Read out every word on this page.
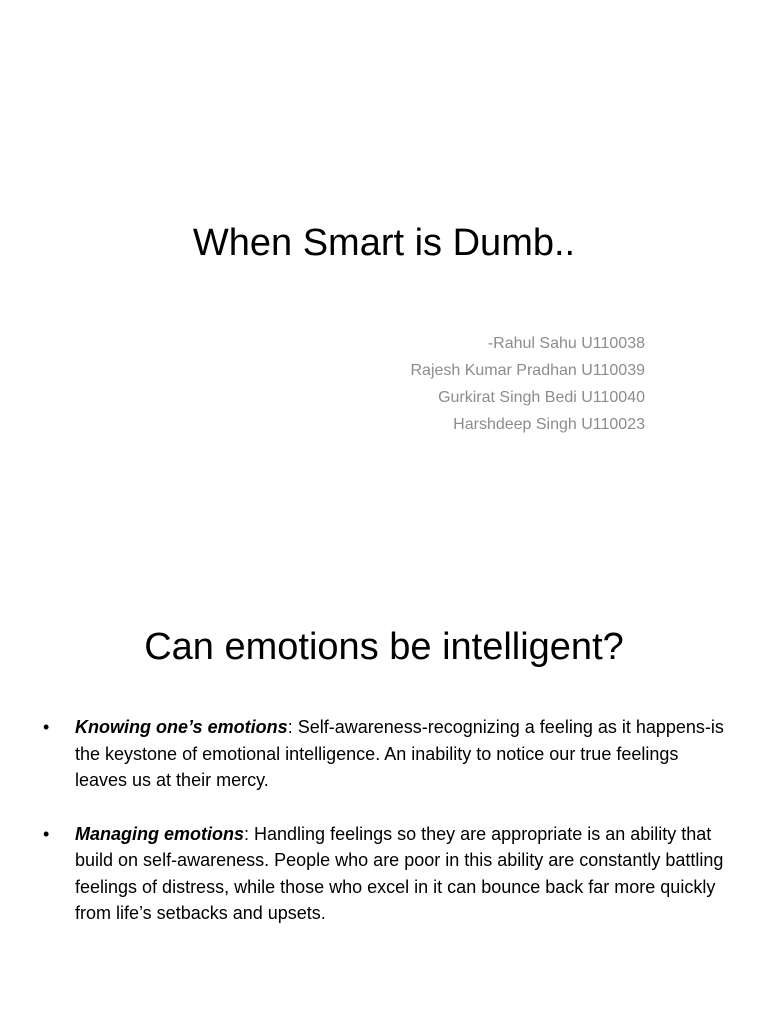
When Smart is Dumb..
-Rahul Sahu U110038
Rajesh Kumar Pradhan U110039
Gurkirat Singh Bedi U110040
Harshdeep Singh U110023
Can emotions be intelligent?
• Knowing one’s emotions: Self-awareness-recognizing a feeling as it happens-is the keystone of emotional intelligence. An inability to notice our true feelings leaves us at their mercy.
• Managing emotions: Handling feelings so they are appropriate is an ability that build on self-awareness. People who are poor in this ability are constantly battling feelings of distress, while those who excel in it can bounce back far more quickly from life’s setbacks and upsets.
